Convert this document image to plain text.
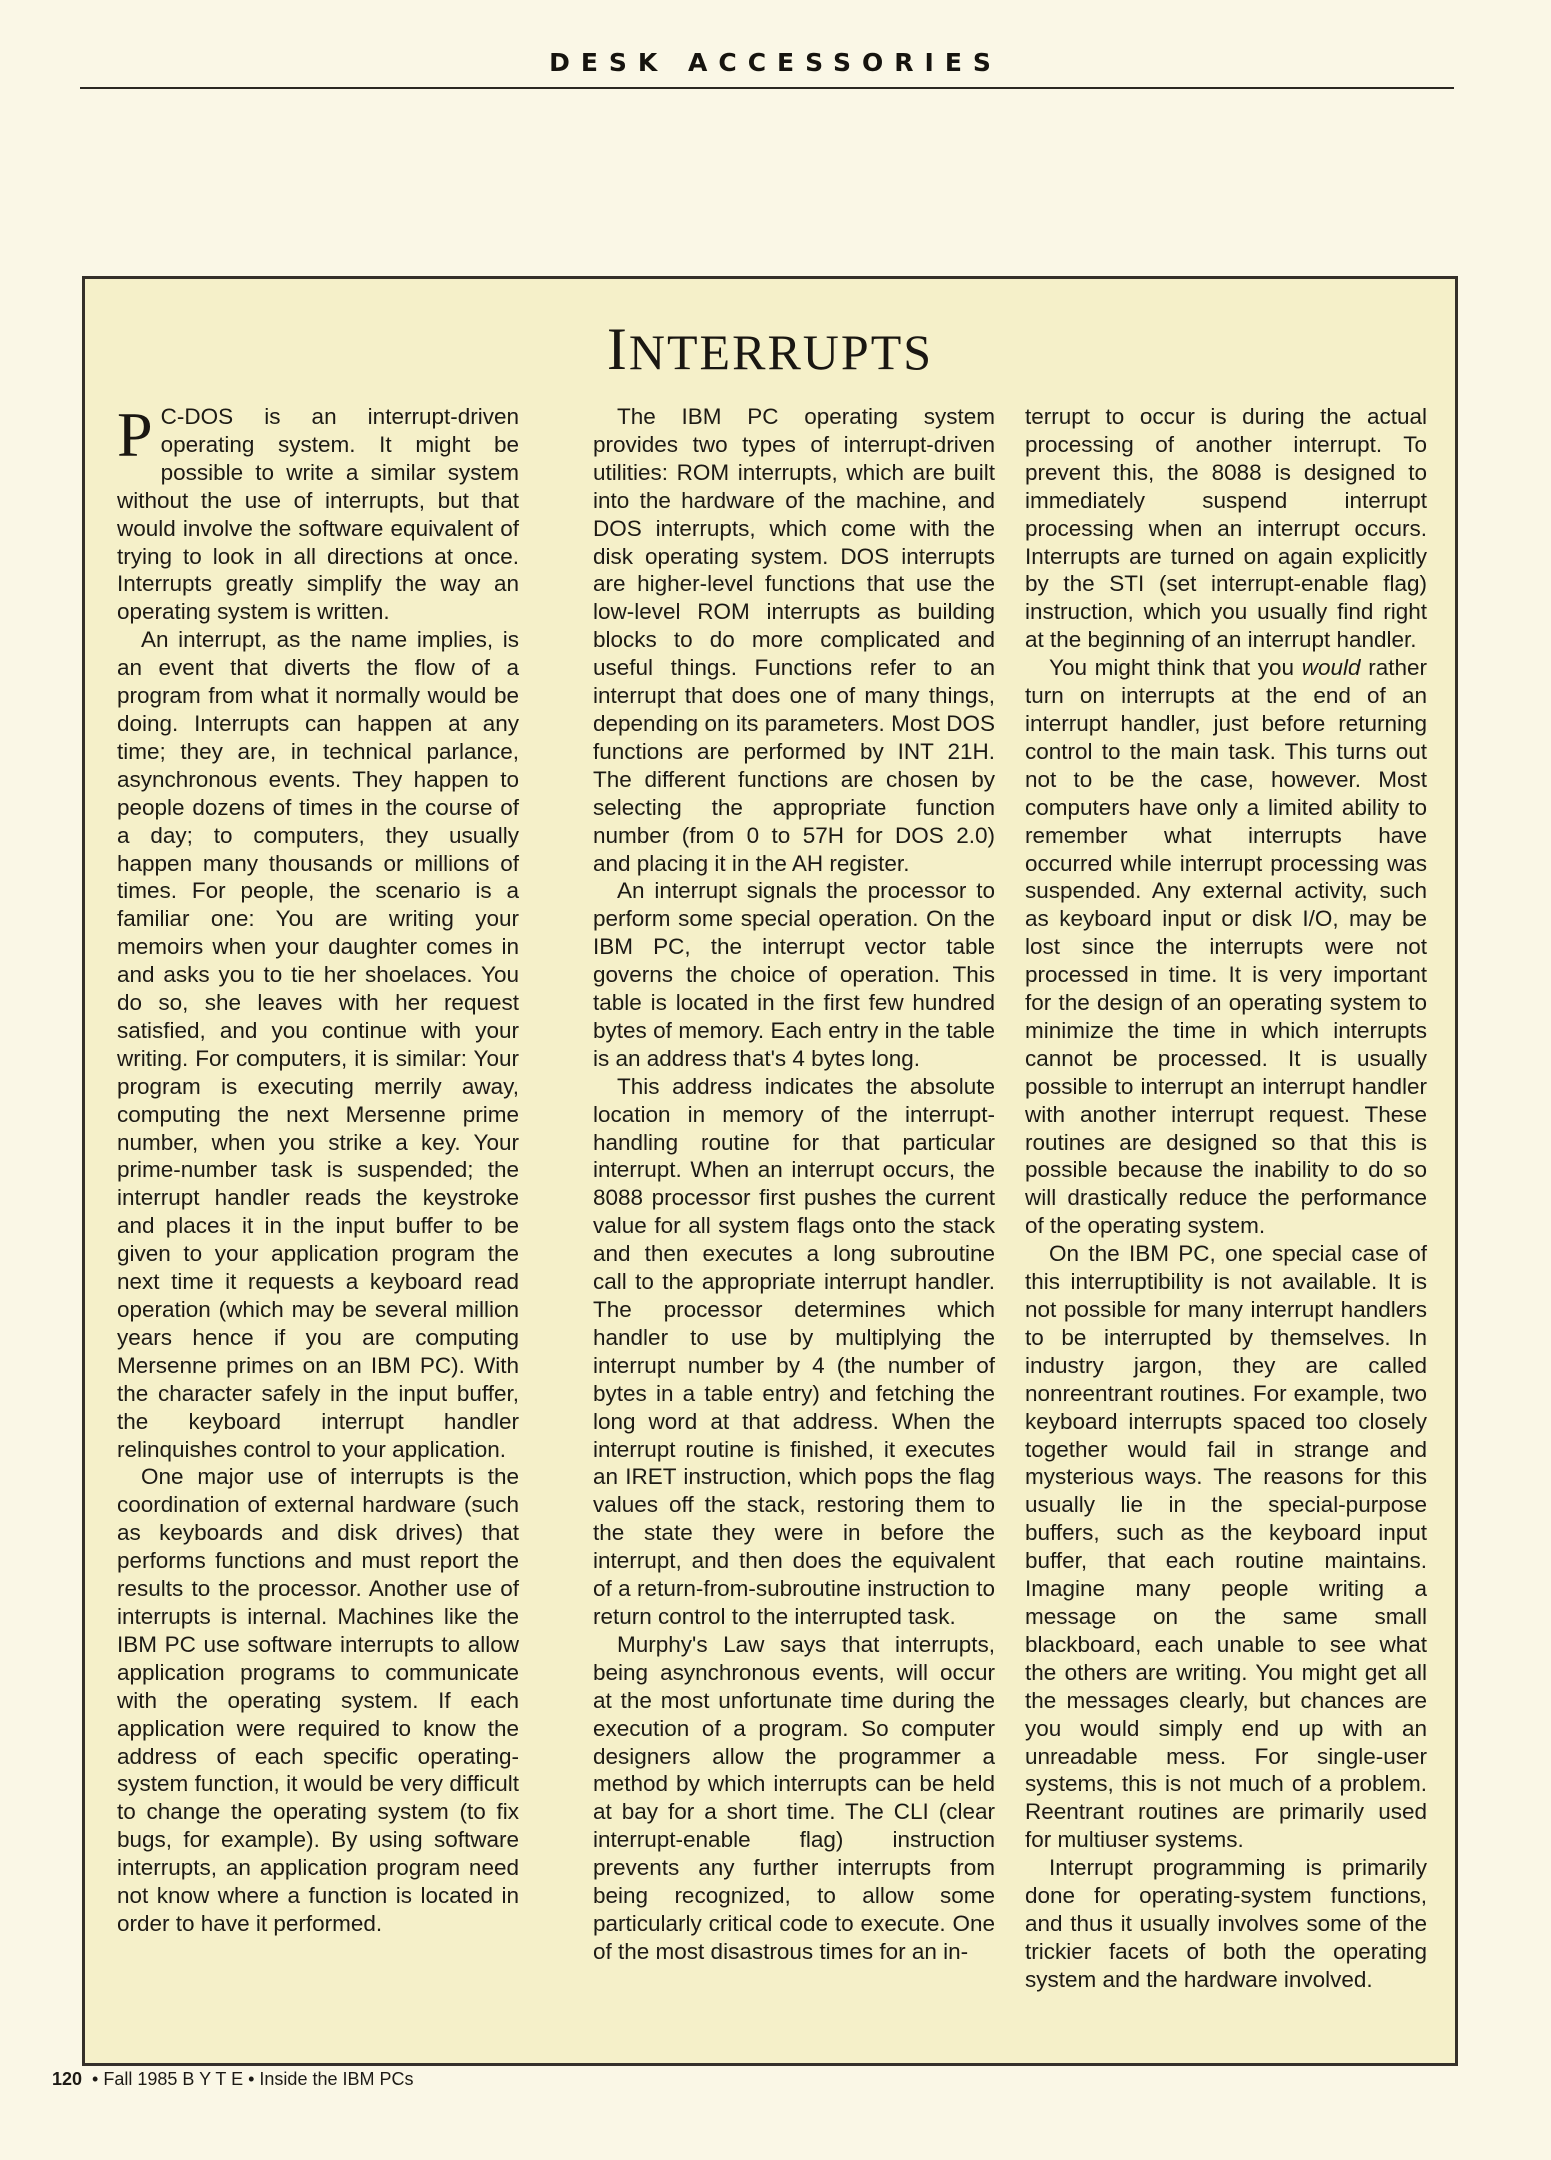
DESK ACCESSORIES
INTERRUPTS

P C-DOS is an interrupt-driven operating system. It might be possible to write a similar system without the use of interrupts, but that would involve the software equivalent of trying to look in all directions at once. Interrupts greatly simplify the way an operating system is written.

An interrupt, as the name implies, is an event that diverts the flow of a program from what it normally would be doing. Interrupts can happen at any time; they are, in technical parlance, asynchronous events. They happen to people dozens of times in the course of a day; to computers, they usually happen many thousands or millions of times. For people, the scenario is a familiar one: You are writing your memoirs when your daughter comes in and asks you to tie her shoelaces. You do so, she leaves with her request satisfied, and you continue with your writing. For computers, it is similar: Your program is executing merrily away, computing the next Mersenne prime number, when you strike a key. Your prime-number task is suspended; the interrupt handler reads the keystroke and places it in the input buffer to be given to your application program the next time it requests a keyboard read operation (which may be several million years hence if you are computing Mersenne primes on an IBM PC). With the character safely in the input buffer, the keyboard interrupt handler relinquishes control to your application.

One major use of interrupts is the coordination of external hardware (such as keyboards and disk drives) that performs functions and must report the results to the processor. Another use of interrupts is internal. Machines like the IBM PC use software interrupts to allow application programs to communicate with the operating system. If each application were required to know the address of each specific operating-system function, it would be very difficult to change the operating system (to fix bugs, for example). By using software interrupts, an application program need not know where a function is located in order to have it performed.

The IBM PC operating system provides two types of interrupt-driven utilities: ROM interrupts, which are built into the hardware of the machine, and DOS interrupts, which come with the disk operating system. DOS interrupts are higher-level functions that use the low-level ROM interrupts as building blocks to do more complicated and useful things. Functions refer to an interrupt that does one of many things, depending on its parameters. Most DOS functions are performed by INT 21H. The different functions are chosen by selecting the appropriate function number (from 0 to 57H for DOS 2.0) and placing it in the AH register.

An interrupt signals the processor to perform some special operation. On the IBM PC, the interrupt vector table governs the choice of operation. This table is located in the first few hundred bytes of memory. Each entry in the table is an address that's 4 bytes long.

This address indicates the absolute location in memory of the interrupt-handling routine for that particular interrupt. When an interrupt occurs, the 8088 processor first pushes the current value for all system flags onto the stack and then executes a long subroutine call to the appropriate interrupt handler. The processor determines which handler to use by multiplying the interrupt number by 4 (the number of bytes in a table entry) and fetching the long word at that address. When the interrupt routine is finished, it executes an IRET instruction, which pops the flag values off the stack, restoring them to the state they were in before the interrupt, and then does the equivalent of a return-from-subroutine instruction to return control to the interrupted task.

Murphy's Law says that interrupts, being asynchronous events, will occur at the most unfortunate time during the execution of a program. So computer designers allow the programmer a method by which interrupts can be held at bay for a short time. The CLI (clear interrupt-enable flag) instruction prevents any further interrupts from being recognized, to allow some particularly critical code to execute. One of the most disastrous times for an in-

terrupt to occur is during the actual processing of another interrupt. To prevent this, the 8088 is designed to immediately suspend interrupt processing when an interrupt occurs. Interrupts are turned on again explicitly by the STI (set interrupt-enable flag) instruction, which you usually find right at the beginning of an interrupt handler.

You might think that you would rather turn on interrupts at the end of an interrupt handler, just before returning control to the main task. This turns out not to be the case, however. Most computers have only a limited ability to remember what interrupts have occurred while interrupt processing was suspended. Any external activity, such as keyboard input or disk I/O, may be lost since the interrupts were not processed in time. It is very important for the design of an operating system to minimize the time in which interrupts cannot be processed. It is usually possible to interrupt an interrupt handler with another interrupt request. These routines are designed so that this is possible because the inability to do so will drastically reduce the performance of the operating system.

On the IBM PC, one special case of this interruptibility is not available. It is not possible for many interrupt handlers to be interrupted by themselves. In industry jargon, they are called nonreentrant routines. For example, two keyboard interrupts spaced too closely together would fail in strange and mysterious ways. The reasons for this usually lie in the special-purpose buffers, such as the keyboard input buffer, that each routine maintains. Imagine many people writing a message on the same small blackboard, each unable to see what the others are writing. You might get all the messages clearly, but chances are you would simply end up with an unreadable mess. For single-user systems, this is not much of a problem. Reentrant routines are primarily used for multiuser systems.

Interrupt programming is primarily done for operating-system functions, and thus it usually involves some of the trickier facets of both the operating system and the hardware involved.

120 • Fall 1985 B Y T E • Inside the IBM PCs
